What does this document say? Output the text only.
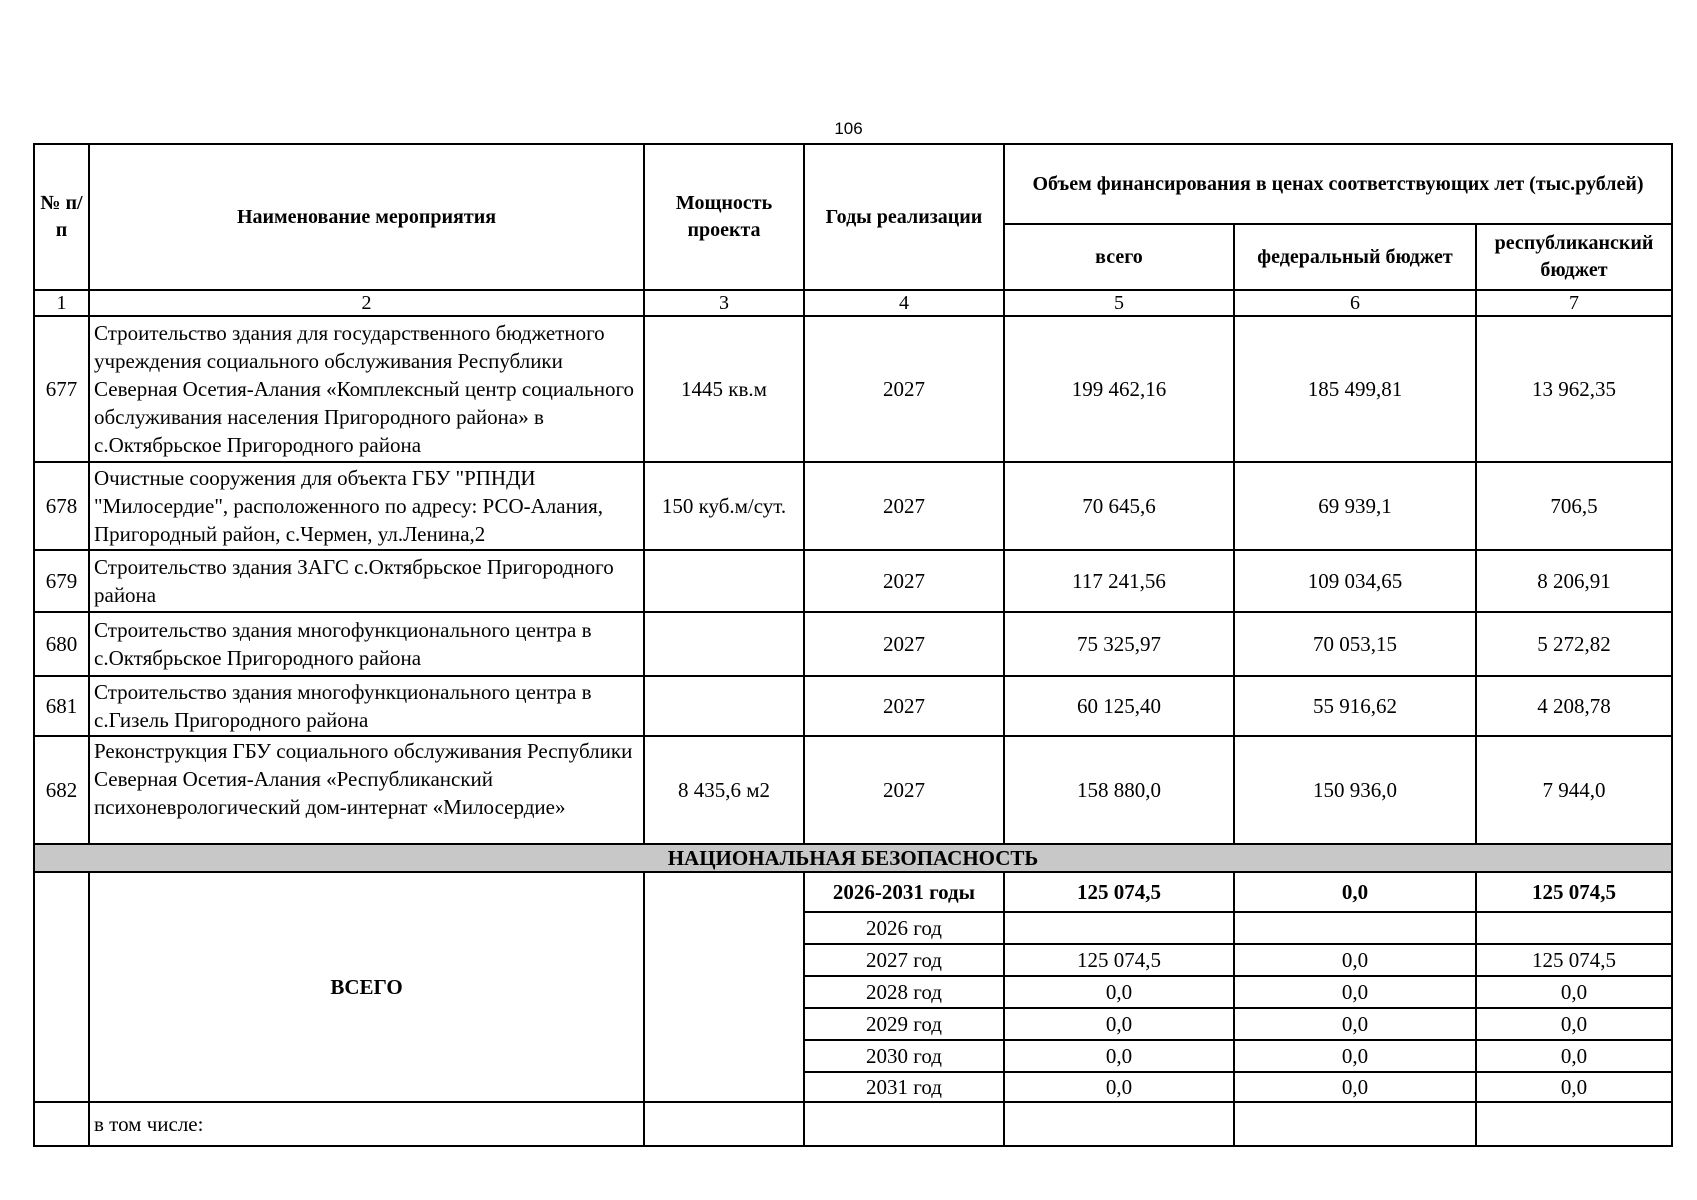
106
№ п/п	Наименование мероприятия	Мощность проекта	Годы реализации	Объем финансирования в ценах соответствующих лет (тыс.рублей)		
				всего	федеральный бюджет	республиканский бюджет
1	2	3	4	5	6	7
677	Строительство здания для государственного бюджетного учреждения социального обслуживания Республики Северная Осетия-Алания «Комплексный центр социального обслуживания населения Пригородного района» в с.Октябрьское Пригородного района	1445 кв.м	2027	199 462,16	185 499,81	13 962,35
678	Очистные сооружения для объекта ГБУ "РПНДИ "Милосердие", расположенного по адресу: РСО-Алания, Пригородный район, с.Чермен, ул.Ленина,2	150 куб.м/сут.	2027	70 645,6	69 939,1	706,5
679	Строительство здания ЗАГС с.Октябрьское Пригородного района		2027	117 241,56	109 034,65	8 206,91
680	Строительство здания многофункционального центра в с.Октябрьское Пригородного района		2027	75 325,97	70 053,15	5 272,82
681	Строительство здания многофункционального центра в с.Гизель Пригородного района		2027	60 125,40	55 916,62	4 208,78
682	Реконструкция ГБУ социального обслуживания Республики Северная Осетия-Алания «Республиканский психоневрологический дом-интернат «Милосердие»	8 435,6 м2	2027	158 880,0	150 936,0	7 944,0
НАЦИОНАЛЬНАЯ БЕЗОПАСНОСТЬ						
	ВСЕГО		2026-2031 годы	125 074,5	0,0	125 074,5
			2026 год			
			2027 год	125 074,5	0,0	125 074,5
			2028 год	0,0	0,0	0,0
			2029 год	0,0	0,0	0,0
			2030 год	0,0	0,0	0,0
			2031 год	0,0	0,0	0,0
	в том числе:					
